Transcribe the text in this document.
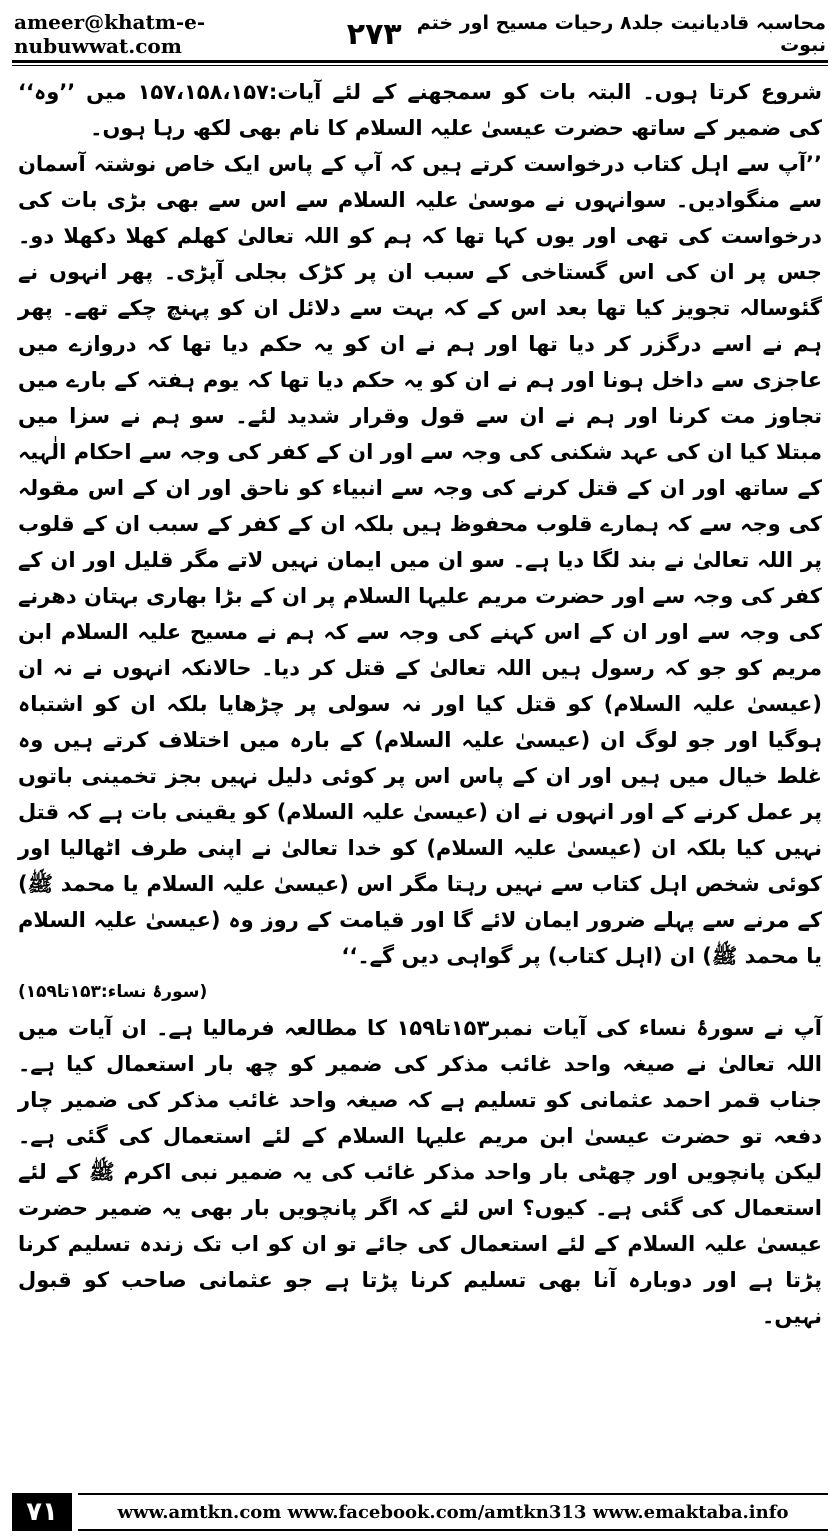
ameer@khatm-e-nubuwwat.com	۲۷۳ محاسبہ قادیانیت جلد۸ رحیات مسیح اور ختم نبوت

شروع کرتا ہوں۔ البتہ بات کو سمجھنے کے لئے آیات:۱۵۷،۱۵۸،۱۵۷ میں ’’وہ‘‘ کی ضمیر کے ساتھ حضرت عیسیٰ علیہ السلام کا نام بھی لکھ رہا ہوں۔

’’آپ سے اہل کتاب درخواست کرتے ہیں کہ آپ کے پاس ایک خاص نوشتہ آسمان سے منگوادیں۔ سوانہوں نے موسیٰ علیہ السلام سے اس سے بھی بڑی بات کی درخواست کی تھی اور یوں کہا تھا کہ ہم کو اللہ تعالیٰ کھلم کھلا دکھلا دو۔ جس پر ان کی اس گستاخی کے سبب ان پر کڑک بجلی آپڑی۔ پھر انہوں نے گئوسالہ تجویز کیا تھا بعد اس کے کہ بہت سے دلائل ان کو پہنچ چکے تھے۔ پھر ہم نے اسے درگزر کر دیا تھا اور ہم نے ان کو یہ حکم دیا تھا کہ دروازے میں عاجزی سے داخل ہونا اور ہم نے ان کو یہ حکم دیا تھا کہ یوم ہفتہ کے بارے میں تجاوز مت کرنا اور ہم نے ان سے قول وقرار شدید لئے۔ سو ہم نے سزا میں مبتلا کیا ان کی عہد شکنی کی وجہ سے اور ان کے کفر کی وجہ سے احکام الٰہیہ کے ساتھ اور ان کے قتل کرنے کی وجہ سے انبیاء کو ناحق اور ان کے اس مقولہ کی وجہ سے کہ ہمارے قلوب محفوظ ہیں بلکہ ان کے کفر کے سبب ان کے قلوب پر اللہ تعالیٰ نے بند لگا دیا ہے۔ سو ان میں ایمان نہیں لاتے مگر قلیل اور ان کے کفر کی وجہ سے اور حضرت مریم علیہا السلام پر ان کے بڑا بھاری بہتان دھرنے کی وجہ سے اور ان کے اس کہنے کی وجہ سے کہ ہم نے مسیح علیہ السلام ابن مریم کو جو کہ رسول ہیں اللہ تعالیٰ کے قتل کر دیا۔ حالانکہ انہوں نے نہ ان (عیسیٰ علیہ السلام) کو قتل کیا اور نہ سولی پر چڑھایا بلکہ ان کو اشتباہ ہوگیا اور جو لوگ ان (عیسیٰ علیہ السلام) کے بارہ میں اختلاف کرتے ہیں وہ غلط خیال میں ہیں اور ان کے پاس اس پر کوئی دلیل نہیں بجز تخمینی باتوں پر عمل کرنے کے اور انہوں نے ان (عیسیٰ علیہ السلام) کو یقینی بات ہے کہ قتل نہیں کیا بلکہ ان (عیسیٰ علیہ السلام) کو خدا تعالیٰ نے اپنی طرف اٹھالیا اور کوئی شخص اہل کتاب سے نہیں رہتا مگر اس (عیسیٰ علیہ السلام یا محمد ﷺ) کے مرنے سے پہلے ضرور ایمان لائے گا اور قیامت کے روز وہ (عیسیٰ علیہ السلام یا محمد ﷺ) ان (اہل کتاب) پر گواہی دیں گے۔‘‘

(سورۂ نساء:۱۵۳تا۱۵۹)

آپ نے سورۂ نساء کی آیات نمبر۱۵۳تا۱۵۹ کا مطالعہ فرمالیا ہے۔ ان آیات میں اللہ تعالیٰ نے صیغہ واحد غائب مذکر کی ضمیر کو چھ بار استعمال کیا ہے۔ جناب قمر احمد عثمانی کو تسلیم ہے کہ صیغہ واحد غائب مذکر کی ضمیر چار دفعہ تو حضرت عیسیٰ ابن مریم علیہا السلام کے لئے استعمال کی گئی ہے۔ لیکن پانچویں اور چھٹی بار واحد مذکر غائب کی یہ ضمیر نبی اکرم ﷺ کے لئے استعمال کی گئی ہے۔ کیوں؟ اس لئے کہ اگر پانچویں بار بھی یہ ضمیر حضرت عیسیٰ علیہ السلام کے لئے استعمال کی جائے تو ان کو اب تک زندہ تسلیم کرنا پڑتا ہے اور دوبارہ آنا بھی تسلیم کرنا پڑتا ہے جو عثمانی صاحب کو قبول نہیں۔

۷۱	www.amtkn.com www.facebook.com/amtkn313 www.emaktaba.info
